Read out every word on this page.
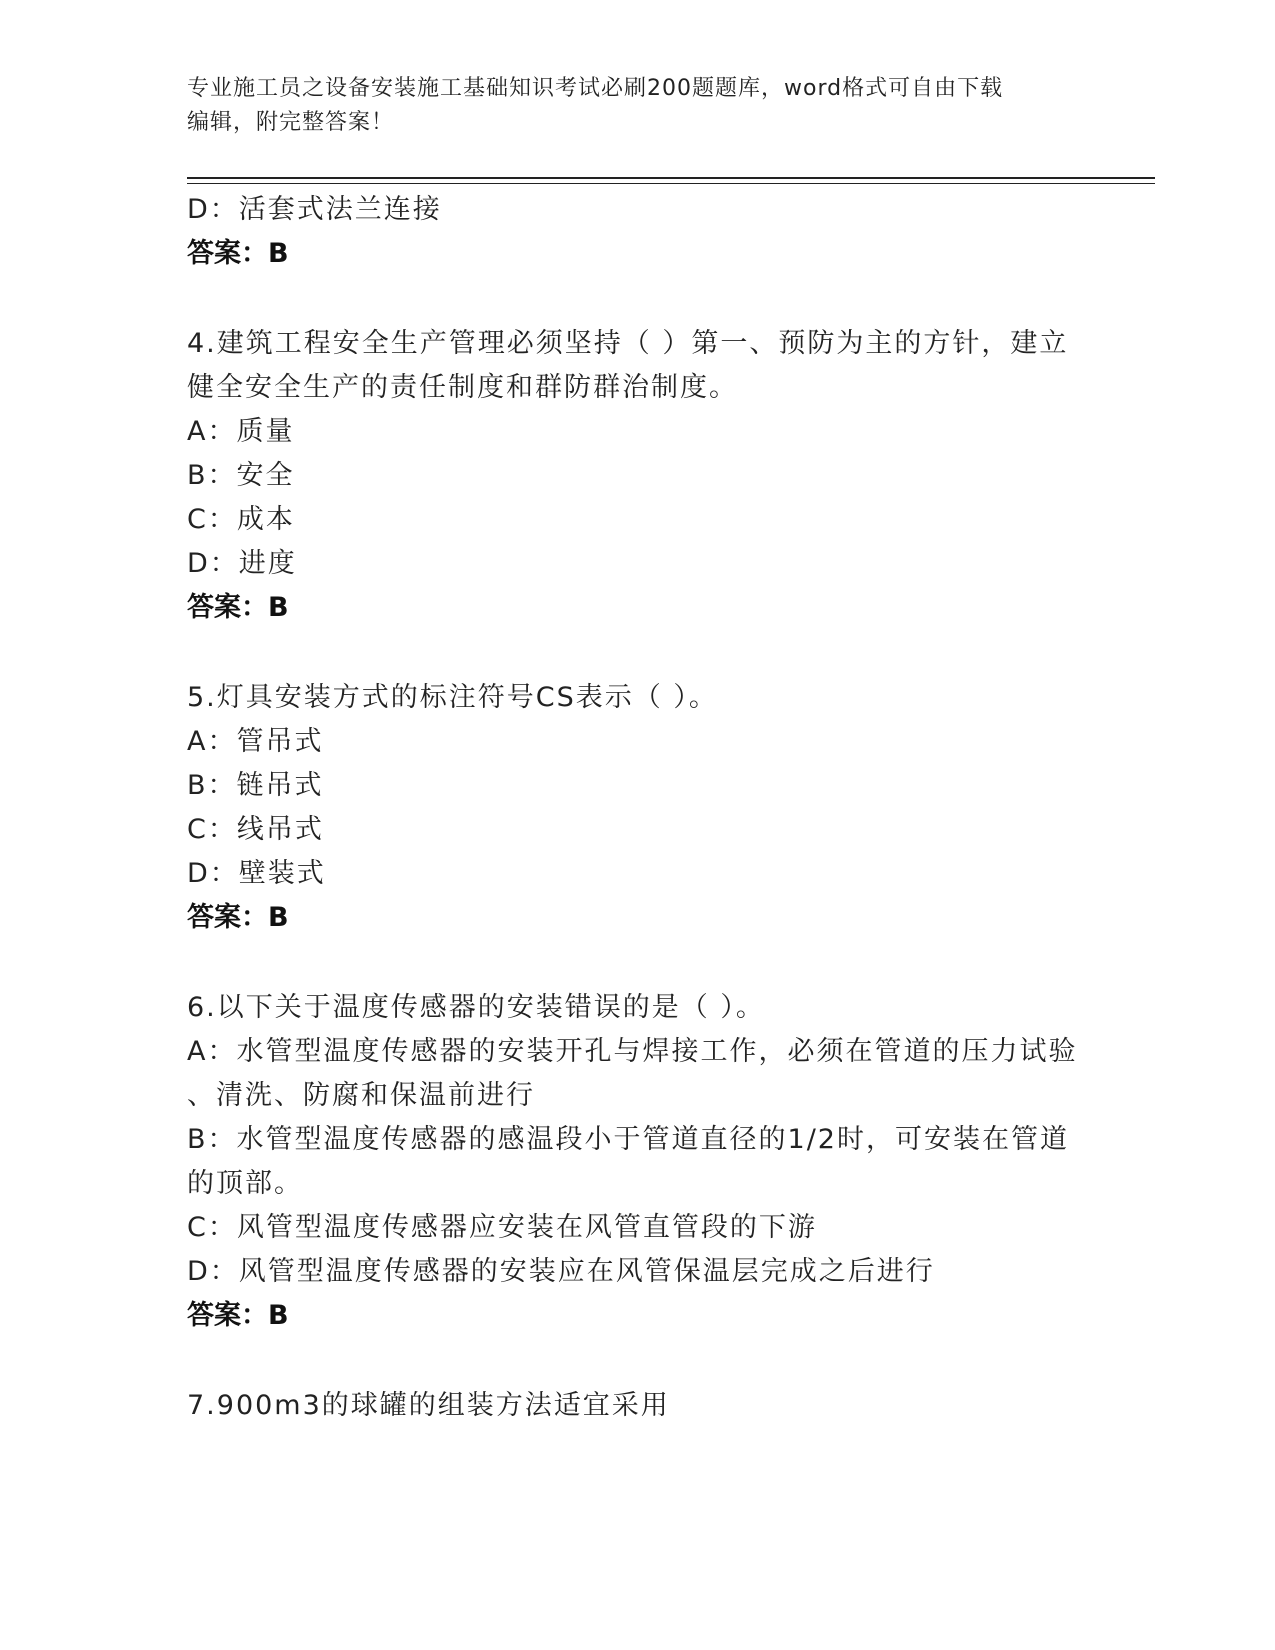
专业施工员之设备安装施工基础知识考试必刷200题题库，word格式可自由下载
编辑，附完整答案！
D：活套式法兰连接
答案：B
4.建筑工程安全生产管理必须坚持（ ）第一、预防为主的方针，建立
健全安全生产的责任制度和群防群治制度。
A：质量
B：安全
C：成本
D：进度
答案：B
5.灯具安装方式的标注符号CS表示（ ）。
A：管吊式
B：链吊式
C：线吊式
D：壁装式
答案：B
6.以下关于温度传感器的安装错误的是（ ）。
A：水管型温度传感器的安装开孔与焊接工作，必须在管道的压力试验
、清洗、防腐和保温前进行
B：水管型温度传感器的感温段小于管道直径的1/2时，可安装在管道
的顶部。
C：风管型温度传感器应安装在风管直管段的下游
D：风管型温度传感器的安装应在风管保温层完成之后进行
答案：B
7.900m3的球罐的组装方法适宜采用
